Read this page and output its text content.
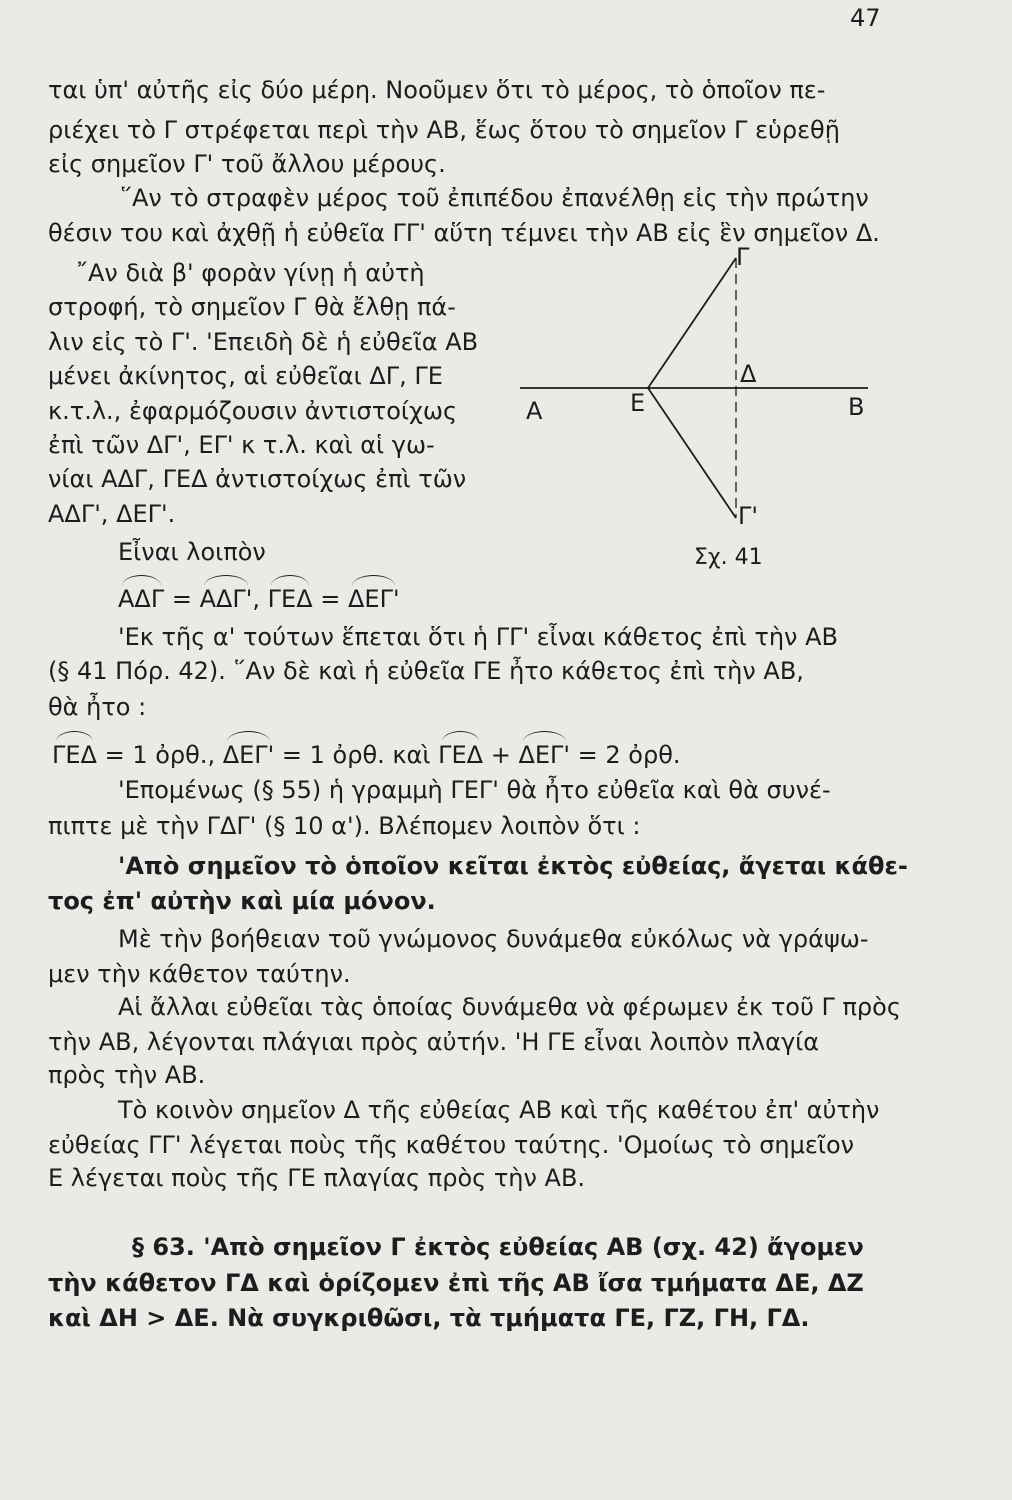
47
ται ὑπ' αὐτῆς εἰς δύο μέρη. Νοοῦμεν ὅτι τὸ μέρος, τὸ ὁποῖον πε-
ριέχει τὸ Γ στρέφεται περὶ τὴν ΑΒ, ἕως ὅτου τὸ σημεῖον Γ εὑρεθῇ
εἰς σημεῖον Γ' τοῦ ἄλλου μέρους.
῞Αν τὸ στραφὲν μέρος τοῦ ἐπιπέδου ἐπανέλθῃ εἰς τὴν πρώτην
θέσιν του καὶ ἀχθῇ ἡ εὐθεῖα ΓΓ' αὕτη τέμνει τὴν ΑΒ εἰς ἓν σημεῖον Δ.
῎Αν διὰ β' φορὰν γίνῃ ἡ αὐτὴ
στροφή, τὸ σημεῖον Γ θὰ ἔλθῃ πά-
λιν εἰς τὸ Γ'. 'Επειδὴ δὲ ἡ εὐθεῖα ΑΒ
μένει ἀκίνητος, αἱ εὐθεῖαι ΔΓ, ΓΕ
κ.τ.λ., ἐφαρμόζουσιν ἀντιστοίχως
ἐπὶ τῶν ΔΓ', ΕΓ' κ τ.λ. καὶ αἱ γω-
νίαι ΑΔΓ, ΓΕΔ ἀντιστοίχως ἐπὶ τῶν
ΑΔΓ', ΔΕΓ'.
Εἶναι λοιπὸν
ΑΔΓ = ΑΔΓ', ΓΕΔ = ΔΕΓ'
'Εκ τῆς α' τούτων ἕπεται ὅτι ἡ ΓΓ' εἶναι κάθετος ἐπὶ τὴν ΑΒ
(§ 41 Πόρ. 42). ῞Αν δὲ καὶ ἡ εὐθεῖα ΓΕ ἦτο κάθετος ἐπὶ τὴν ΑΒ,
θὰ ἦτο :
ΓΕΔ = 1 ὀρθ., ΔΕΓ' = 1 ὀρθ. καὶ ΓΕΔ + ΔΕΓ' = 2 ὀρθ.
'Επομένως (§ 55) ἡ γραμμὴ ΓΕΓ' θὰ ἦτο εὐθεῖα καὶ θὰ συνέ-
πιπτε μὲ τὴν ΓΔΓ' (§ 10 α'). Βλέπομεν λοιπὸν ὅτι :
'Απὸ σημεῖον τὸ ὁποῖον κεῖται ἐκτὸς εὐθείας, ἄγεται κάθε-
τος ἐπ' αὐτὴν καὶ μία μόνον.
Μὲ τὴν βοήθειαν τοῦ γνώμονος δυνάμεθα εὐκόλως νὰ γράψω-
μεν τὴν κάθετον ταύτην.
Αἱ ἄλλαι εὐθεῖαι τὰς ὁποίας δυνάμεθα νὰ φέρωμεν ἐκ τοῦ Γ πρὸς
τὴν ΑΒ, λέγονται πλάγιαι πρὸς αὐτήν. 'Η ΓΕ εἶναι λοιπὸν πλαγία
πρὸς τὴν ΑΒ.
Τὸ κοινὸν σημεῖον Δ τῆς εὐθείας ΑΒ καὶ τῆς καθέτου ἐπ' αὐτὴν
εὐθείας ΓΓ' λέγεται ποὺς τῆς καθέτου ταύτης. 'Ομοίως τὸ σημεῖον
Ε λέγεται ποὺς τῆς ΓΕ πλαγίας πρὸς τὴν ΑΒ.
§ 63. 'Απὸ σημεῖον Γ ἐκτὸς εὐθείας ΑΒ (σχ. 42) ἄγομεν
τὴν κάθετον ΓΔ καὶ ὁρίζομεν ἐπὶ τῆς ΑΒ ἴσα τμήματα ΔΕ, ΔΖ
καὶ ΔΗ > ΔΕ. Νὰ συγκριθῶσι, τὰ τμήματα ΓΕ, ΓΖ, ΓΗ, ΓΔ.
Γ
Δ
Α	Ε	Β
Γ'
Σχ. 41
